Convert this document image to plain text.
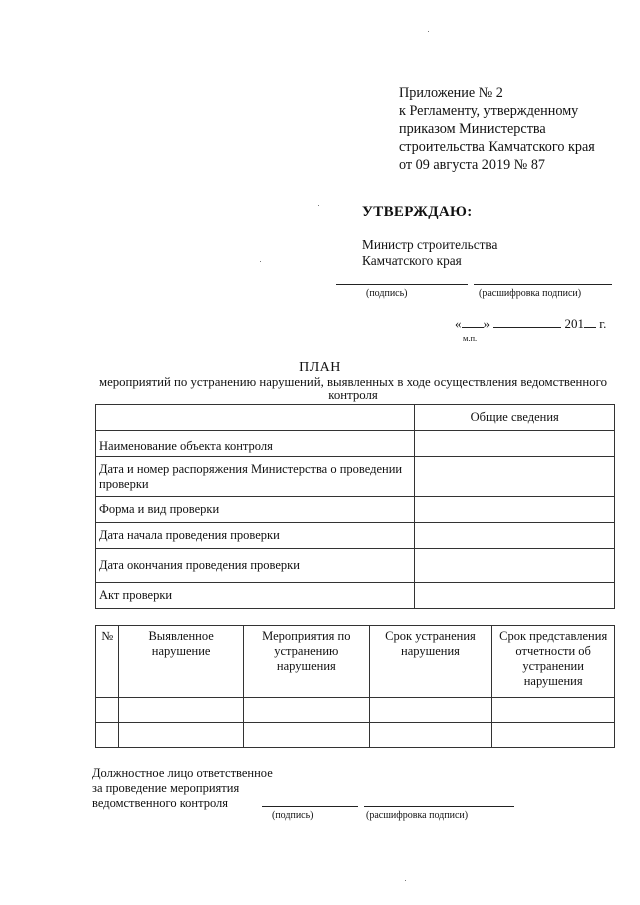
Приложение № 2
к Регламенту, утвержденному
приказом Министерства
строительства Камчатского края
от 09 августа 2019 № 87
УТВЕРЖДАЮ:
Министр строительства
Камчатского края
(подпись)	(расшифровка подписи)
« »	201 г.
м.п.
ПЛАН
мероприятий по устранению нарушений, выявленных в ходе осуществления ведомственного контроля
	Общие сведения
Наименование объекта контроля	
Дата и номер распоряжения Министерства о проведении проверки	
Форма и вид проверки	
Дата начала проведения проверки	
Дата окончания проведения проверки	
Акт проверки	
№	Выявленное нарушение	Мероприятия по устранению нарушения	Срок устранения нарушения	Срок представления отчетности об устранении нарушения

Должностное лицо ответственное
за проведение мероприятия
ведомственного контроля
(подпись)	(расшифровка подписи)
